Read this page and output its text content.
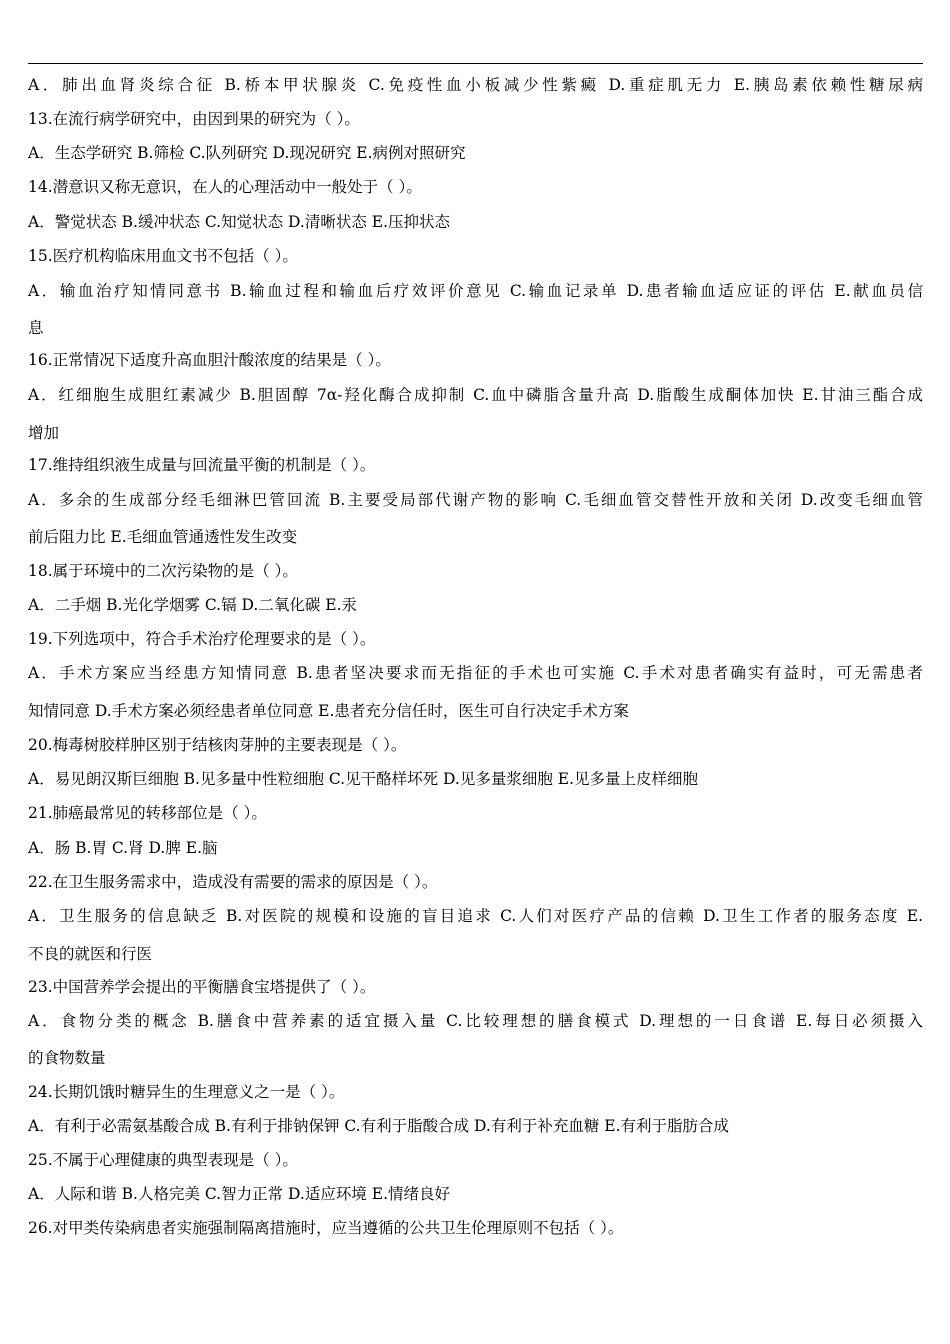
A．肺出血肾炎综合征 B.桥本甲状腺炎 C.免疫性血小板减少性紫癜 D.重症肌无力 E.胰岛素依赖性糖尿病
13.在流行病学研究中，由因到果的研究为（ ）。
A．生态学研究 B.筛检 C.队列研究 D.现况研究 E.病例对照研究
14.潜意识又称无意识，在人的心理活动中一般处于（ ）。
A．警觉状态 B.缓冲状态 C.知觉状态 D.清晰状态 E.压抑状态
15.医疗机构临床用血文书不包括（ ）。
A．输血治疗知情同意书 B.输血过程和输血后疗效评价意见 C.输血记录单 D.患者输血适应证的评估 E.献血员信
息
16.正常情况下适度升高血胆汁酸浓度的结果是（ ）。
A．红细胞生成胆红素减少 B.胆固醇 7α-羟化酶合成抑制 C.血中磷脂含量升高 D.脂酸生成酮体加快 E.甘油三酯合成
增加
17.维持组织液生成量与回流量平衡的机制是（ ）。
A．多余的生成部分经毛细淋巴管回流 B.主要受局部代谢产物的影响 C.毛细血管交替性开放和关闭 D.改变毛细血管
前后阻力比 E.毛细血管通透性发生改变
18.属于环境中的二次污染物的是（ ）。
A．二手烟 B.光化学烟雾 C.镉 D.二氧化碳 E.汞
19.下列选项中，符合手术治疗伦理要求的是（ ）。
A．手术方案应当经患方知情同意 B.患者坚决要求而无指征的手术也可实施 C.手术对患者确实有益时，可无需患者
知情同意 D.手术方案必须经患者单位同意 E.患者充分信任时，医生可自行决定手术方案
20.梅毒树胶样肿区别于结核肉芽肿的主要表现是（ ）。
A．易见朗汉斯巨细胞 B.见多量中性粒细胞 C.见干酪样坏死 D.见多量浆细胞 E.见多量上皮样细胞
21.肺癌最常见的转移部位是（ ）。
A．肠 B.胃 C.肾 D.脾 E.脑
22.在卫生服务需求中，造成没有需要的需求的原因是（ ）。
A．卫生服务的信息缺乏 B.对医院的规模和设施的盲目追求 C.人们对医疗产品的信赖 D.卫生工作者的服务态度 E.
不良的就医和行医
23.中国营养学会提出的平衡膳食宝塔提供了（ ）。
A．食物分类的概念 B.膳食中营养素的适宜摄入量 C.比较理想的膳食模式 D.理想的一日食谱 E.每日必须摄入
的食物数量
24.长期饥饿时糖异生的生理意义之一是（ ）。
A．有利于必需氨基酸合成 B.有利于排钠保钾 C.有利于脂酸合成 D.有利于补充血糖 E.有利于脂肪合成
25.不属于心理健康的典型表现是（ ）。
A．人际和谐 B.人格完美 C.智力正常 D.适应环境 E.情绪良好
26.对甲类传染病患者实施强制隔离措施时，应当遵循的公共卫生伦理原则不包括（ ）。
